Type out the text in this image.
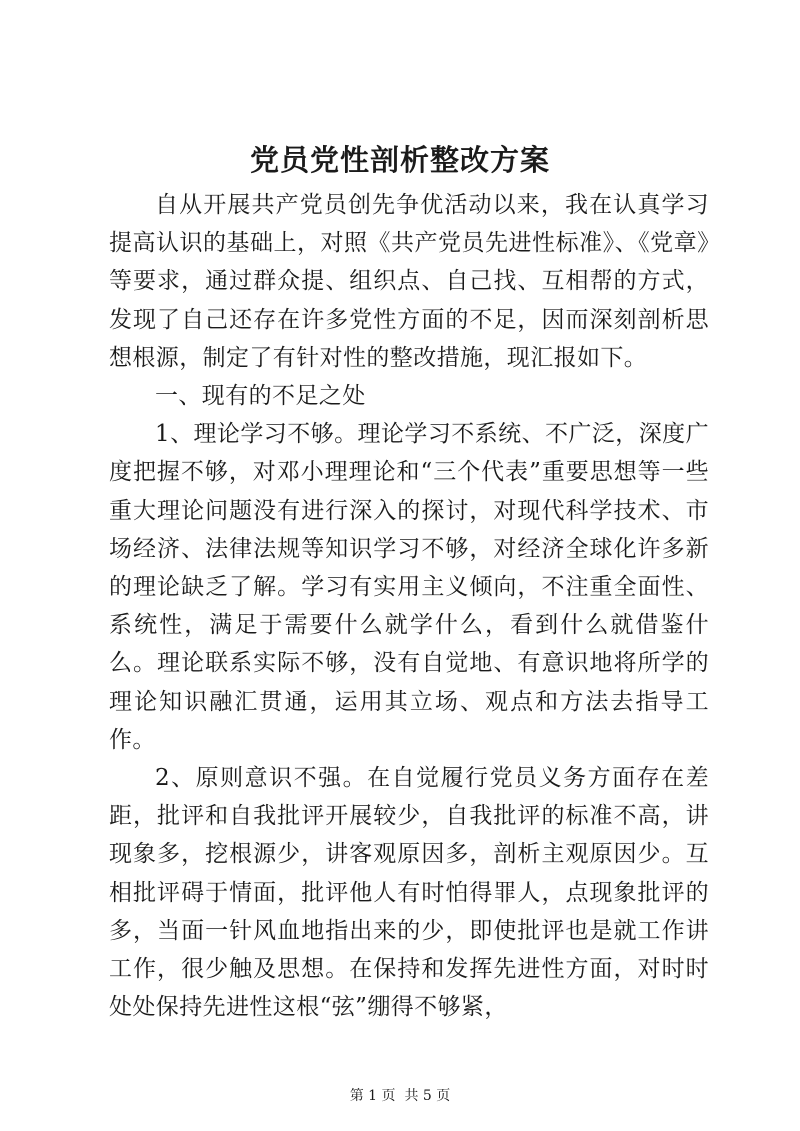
党员党性剖析整改方案

自从开展共产党员创先争优活动以来，我在认真学习提高认识的基础上，对照《共产党员先进性标准》、《党章》等要求，通过群众提、组织点、自己找、互相帮的方式，发现了自己还存在许多党性方面的不足，因而深刻剖析思想根源，制定了有针对性的整改措施，现汇报如下。

一、现有的不足之处

1、理论学习不够。理论学习不系统、不广泛，深度广度把握不够，对邓小理理论和“三个代表”重要思想等一些重大理论问题没有进行深入的探讨，对现代科学技术、市场经济、法律法规等知识学习不够，对经济全球化许多新的理论缺乏了解。学习有实用主义倾向，不注重全面性、系统性，满足于需要什么就学什么，看到什么就借鉴什么。理论联系实际不够，没有自觉地、有意识地将所学的理论知识融汇贯通，运用其立场、观点和方法去指导工作。

2、原则意识不强。在自觉履行党员义务方面存在差距，批评和自我批评开展较少，自我批评的标准不高，讲现象多，挖根源少，讲客观原因多，剖析主观原因少。互相批评碍于情面，批评他人有时怕得罪人，点现象批评的多，当面一针风血地指出来的少，即使批评也是就工作讲工作，很少触及思想。在保持和发挥先进性方面，对时时处处保持先进性这根“弦”绷得不够紧，

第 1 页  共 5 页
